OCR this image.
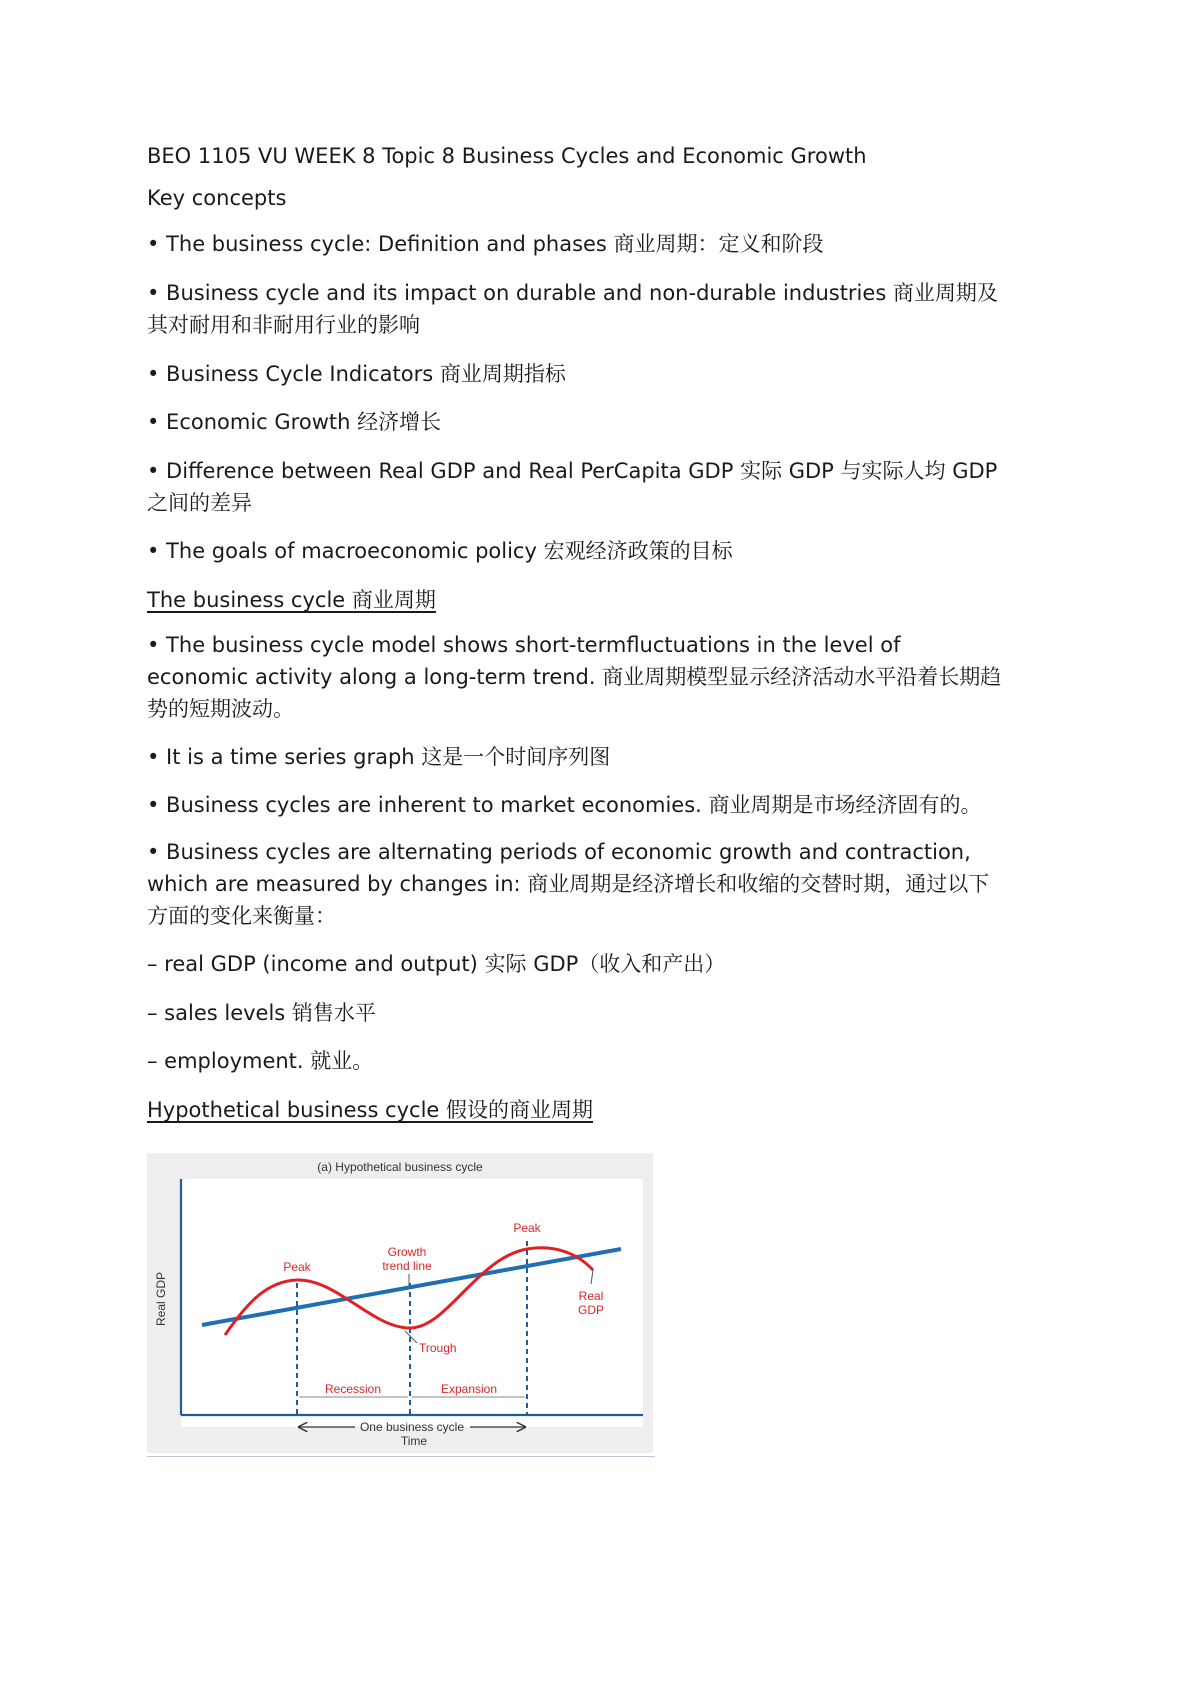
BEO 1105 VU WEEK 8 Topic 8 Business Cycles and Economic Growth

Key concepts

• The business cycle: Definition and phases 商业周期：定义和阶段

• Business cycle and its impact on durable and non-durable industries 商业周期及

其对耐用和非耐用行业的影响

• Business Cycle Indicators 商业周期指标

• Economic Growth 经济增长

• Difference between Real GDP and Real PerCapita GDP 实际 GDP 与实际人均 GDP

之间的差异

• The goals of macroeconomic policy 宏观经济政策的目标

The business cycle 商业周期

• The business cycle model shows short-termfluctuations in the level of

economic activity along a long-term trend. 商业周期模型显示经济活动水平沿着长期趋

势的短期波动。

• It is a time series graph 这是一个时间序列图

• Business cycles are inherent to market economies. 商业周期是市场经济固有的。

• Business cycles are alternating periods of economic growth and contraction,

which are measured by changes in: 商业周期是经济增长和收缩的交替时期，通过以下

方面的变化来衡量：

– real GDP (income and output) 实际 GDP（收入和产出）

– sales levels 销售水平

– employment. 就业。

Hypothetical business cycle 假设的商业周期

(a) Hypothetical business cycle
Real GDP
Time
Peak
Peak
Growth
trend line
Trough
Real
GDP
Recession	Expansion
One business cycle
